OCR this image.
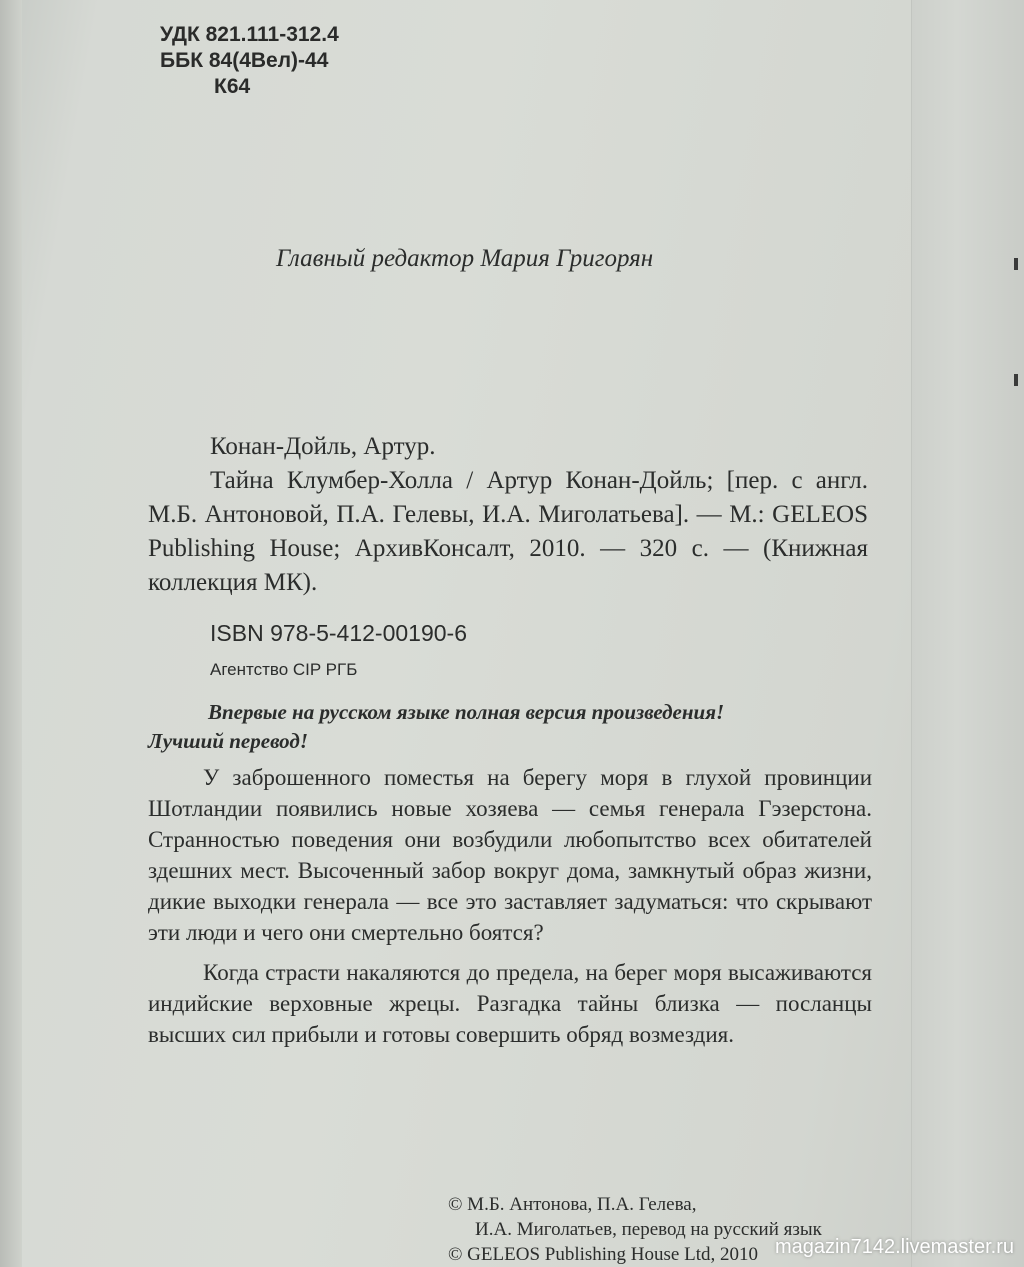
УДК 821.111-312.4
ББК 84(4Вел)-44
К64
Главный редактор Мария Григорян
Конан-Дойль, Артур.

Тайна Клумбер-Холла / Артур Конан-Дойль; [пер. с англ. М.Б. Антоновой, П.А. Гелевы, И.А. Миголатьева]. — М.: GELEOS Publishing House; АрхивКонсалт, 2010. — 320 с. — (Книжная коллекция МК).

ISBN 978-5-412-00190-6
Агентство CIP РГБ
Впервые на русском языке полная версия произведения!
Лучший перевод!

У заброшенного поместья на берегу моря в глухой провинции Шотландии появились новые хозяева — семья генерала Гэзерстона. Странностью поведения они возбудили любопытство всех обитателей здешних мест. Высоченный забор вокруг дома, замкнутый образ жизни, дикие выходки генерала — все это заставляет задуматься: что скрывают эти люди и чего они смертельно боятся?

Когда страсти накаляются до предела, на берег моря высаживаются индийские верховные жрецы. Разгадка тайны близка — посланцы высших сил прибыли и готовы совершить обряд возмездия.

© М.Б. Антонова, П.А. Гелева,
И.А. Миголатьев, перевод на русский язык
© GELEOS Publishing House Ltd, 2010 magazin7142.livemaster.ru
